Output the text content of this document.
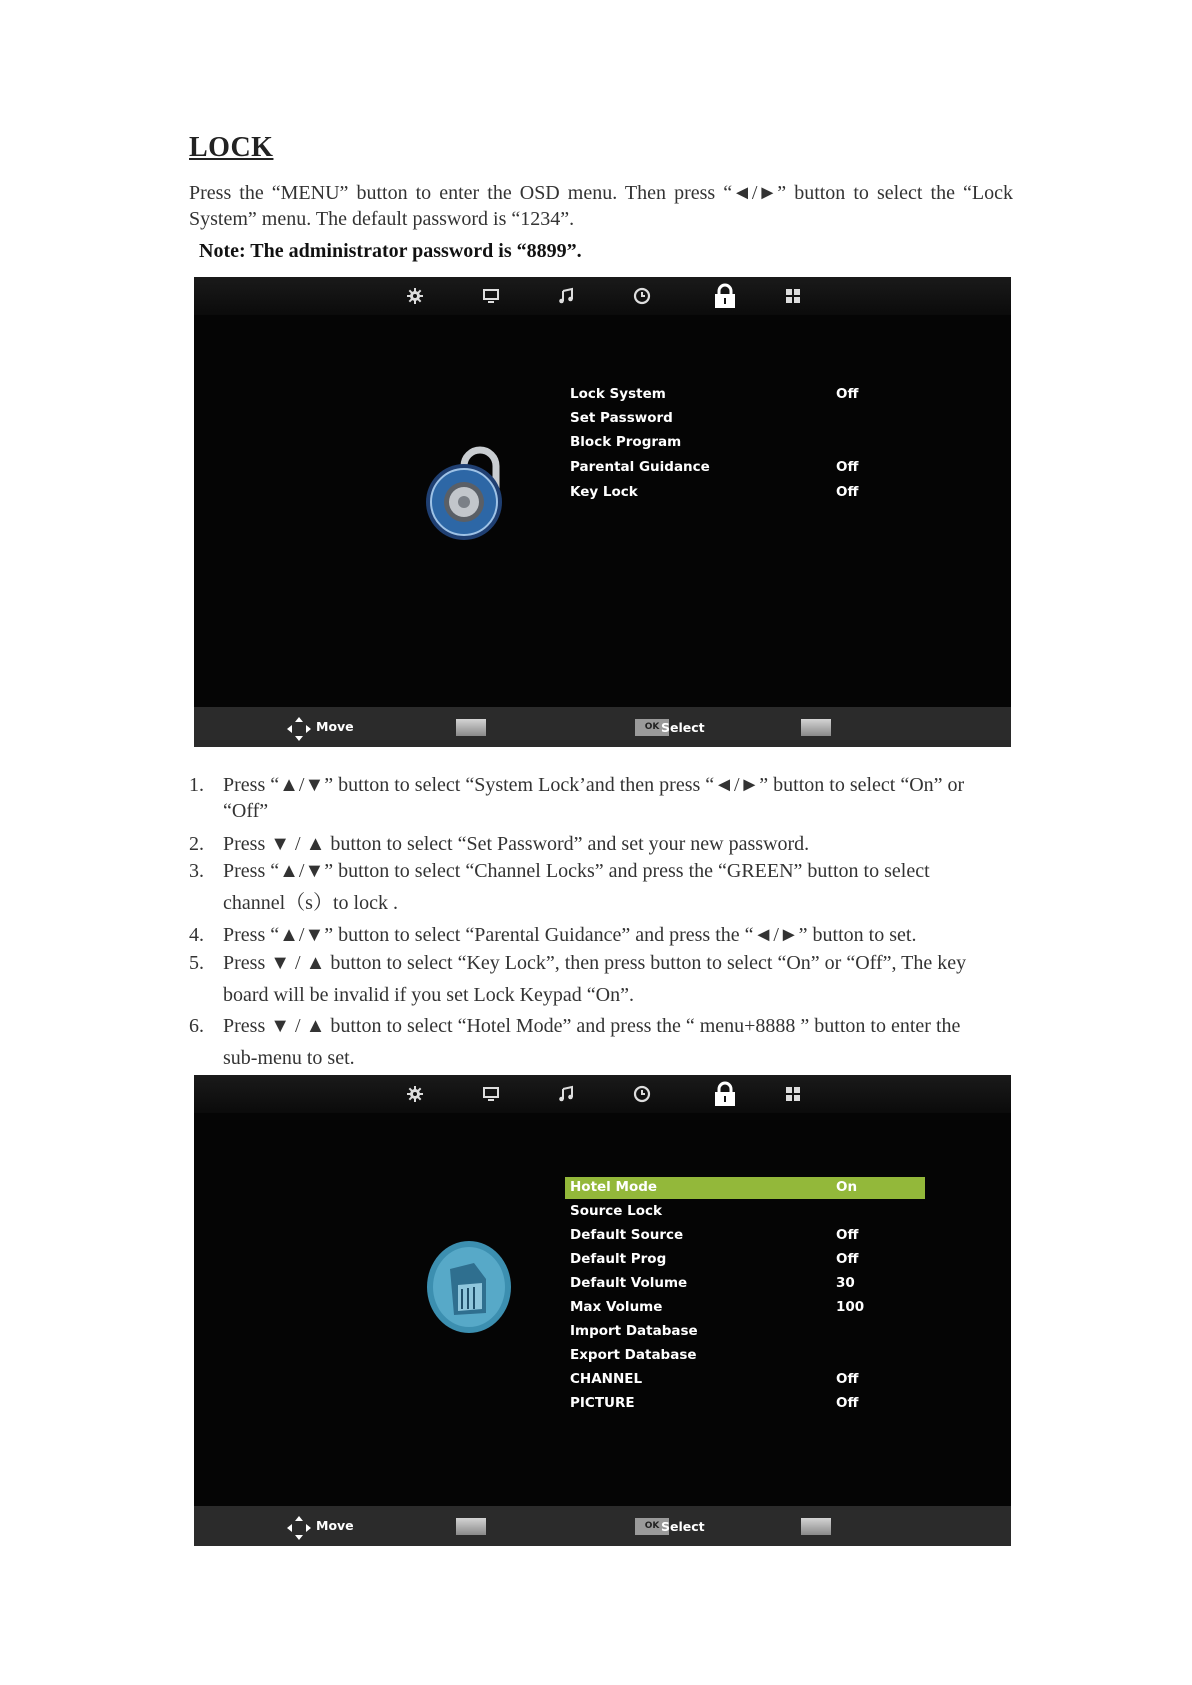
LOCK
Press the “MENU” button to enter the OSD menu. Then press “◄/►” button to select the “Lock System” menu. The default password is “1234”.
Note: The administrator password is “8899”.
Lock System	Off
Set Password
Block Program
Parental Guidance	Off
Key Lock	Off
Move	OK Select
1. Press “▲/▼” button to select “System Lock’and then press “◄/►” button to select “On” or
“Off”
2. Press ▼ / ▲ button to select “Set Password” and set your new password.
3. Press “▲/▼” button to select “Channel Locks” and press the “GREEN” button to select
channel（s）to lock .
4. Press “▲/▼” button to select “Parental Guidance” and press the “◄/►” button to set.
5. Press ▼ / ▲ button to select “Key Lock”, then press button to select “On” or “Off”, The key
board will be invalid if you set Lock Keypad “On”.
6. Press ▼ / ▲ button to select “Hotel Mode” and press the “ menu+8888 ” button to enter the
sub-menu to set.
Hotel Mode	On
Source Lock
Default Source	Off
Default Prog	Off
Default Volume	30
Max Volume	100
Import Database
Export Database
CHANNEL	Off
PICTURE	Off
Move	OK Select
